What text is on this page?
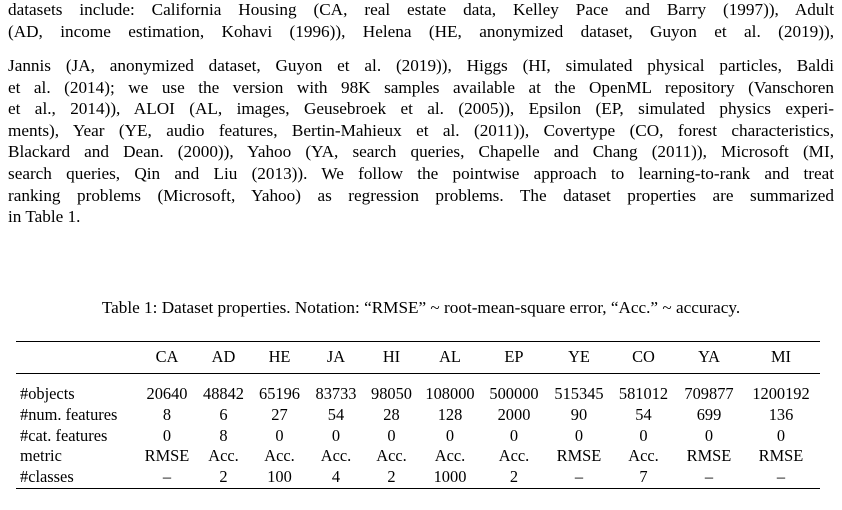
datasets include: California Housing (CA, real estate data, Kelley Pace and Barry (1997)), Adult
(AD, income estimation, Kohavi (1996)), Helena (HE, anonymized dataset, Guyon et al. (2019)),
Jannis (JA, anonymized dataset, Guyon et al. (2019)), Higgs (HI, simulated physical particles, Baldi
et al. (2014); we use the version with 98K samples available at the OpenML repository (Vanschoren
et al., 2014)), ALOI (AL, images, Geusebroek et al. (2005)), Epsilon (EP, simulated physics experi-
ments), Year (YE, audio features, Bertin-Mahieux et al. (2011)), Covertype (CO, forest characteristics,
Blackard and Dean. (2000)), Yahoo (YA, search queries, Chapelle and Chang (2011)), Microsoft (MI,
search queries, Qin and Liu (2013)). We follow the pointwise approach to learning-to-rank and treat
ranking problems (Microsoft, Yahoo) as regression problems. The dataset properties are summarized
in Table 1.

Table 1: Dataset properties. Notation: “RMSE” ~ root-mean-square error, “Acc.” ~ accuracy.

	CA	AD	HE	JA	HI	AL	EP	YE	CO	YA	MI
#objects	20640	48842	65196	83733	98050	108000	500000	515345	581012	709877	1200192
#num. features	8	6	27	54	28	128	2000	90	54	699	136
#cat. features	0	8	0	0	0	0	0	0	0	0	0
metric	RMSE	Acc.	Acc.	Acc.	Acc.	Acc.	Acc.	RMSE	Acc.	RMSE	RMSE
#classes	–	2	100	4	2	1000	2	–	7	–	–
